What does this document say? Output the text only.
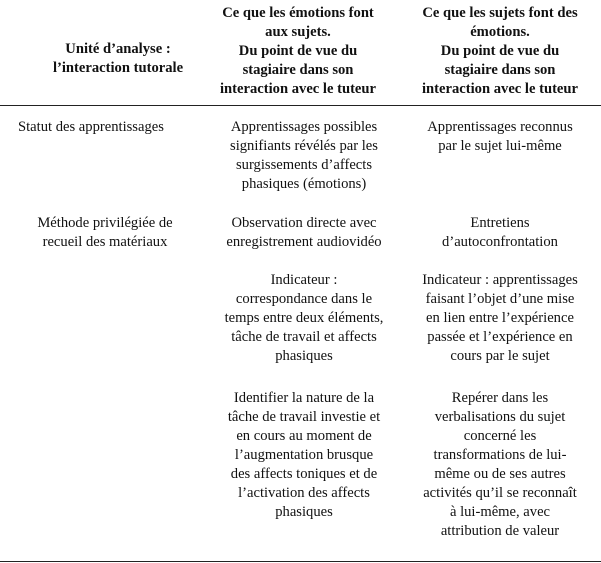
Unité d’analyse :
l’interaction tutorale
Ce que les émotions font
aux sujets.
Du point de vue du
stagiaire dans son
interaction avec le tuteur
Ce que les sujets font des
émotions.
Du point de vue du
stagiaire dans son
interaction avec le tuteur
Statut des apprentissages	Apprentissages possibles
signifiants révélés par les
surgissements d’affects
phasiques (émotions)
Apprentissages reconnus
par le sujet lui-même
Méthode privilégiée de
recueil des matériaux
Observation directe avec
enregistrement audiovidéo
Entretiens
d’autoconfrontation
Indicateur :
correspondance dans le
temps entre deux éléments,
tâche de travail et affects
phasiques
Indicateur : apprentissages
faisant l’objet d’une mise
en lien entre l’expérience
passée et l’expérience en
cours par le sujet
Identifier la nature de la
tâche de travail investie et
en cours au moment de
l’augmentation brusque
des affects toniques et de
l’activation des affects
phasiques
Repérer dans les
verbalisations du sujet
concerné les
transformations de lui-
même ou de ses autres
activités qu’il se reconnaît
à lui-même, avec
attribution de valeur
